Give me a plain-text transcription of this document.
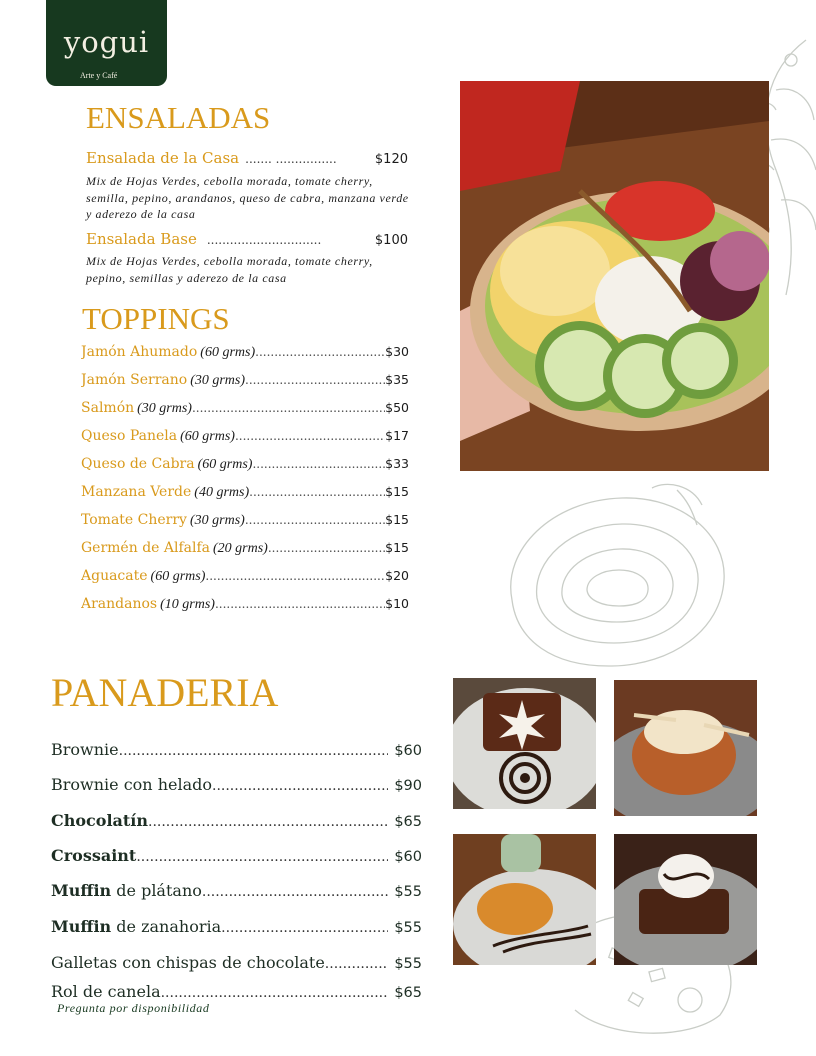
yogui
Arte y Café
ENSALADAS
Ensalada de la Casa ....... ................	$120
Mix de Hojas Verdes, cebolla morada, tomate cherry, semilla, pepino, arandanos, queso de cabra, manzana verde y aderezo de la casa
Ensalada Base ..............................	$100
Mix de Hojas Verdes, cebolla morada, tomate cherry, pepino, semillas y aderezo de la casa
TOPPINGS
Jamón Ahumado (60 grms) .....	$30
Jamón Serrano (30 grms) .....	$35
Salmón (30 grms) .....	$50
Queso Panela (60 grms) .....	$17
Queso de Cabra (60 grms) .....	$33
Manzana Verde (40 grms) .....	$15
Tomate Cherry (30 grms) .....	$15
Germén de Alfalfa (20 grms) .....	$15
Aguacate (60 grms) .....	$20
Arandanos (10 grms) .....	$10
PANADERIA
Brownie .....	$60
Brownie con helado .....	$90
Chocolatín .....	$65
Crossaint .....	$60
Muffin de plátano .....	$55
Muffin de zanahoria .....	$55
Galletas con chispas de chocolate .....	$55
Rol de canela .....	$65
Pregunta por disponibilidad
